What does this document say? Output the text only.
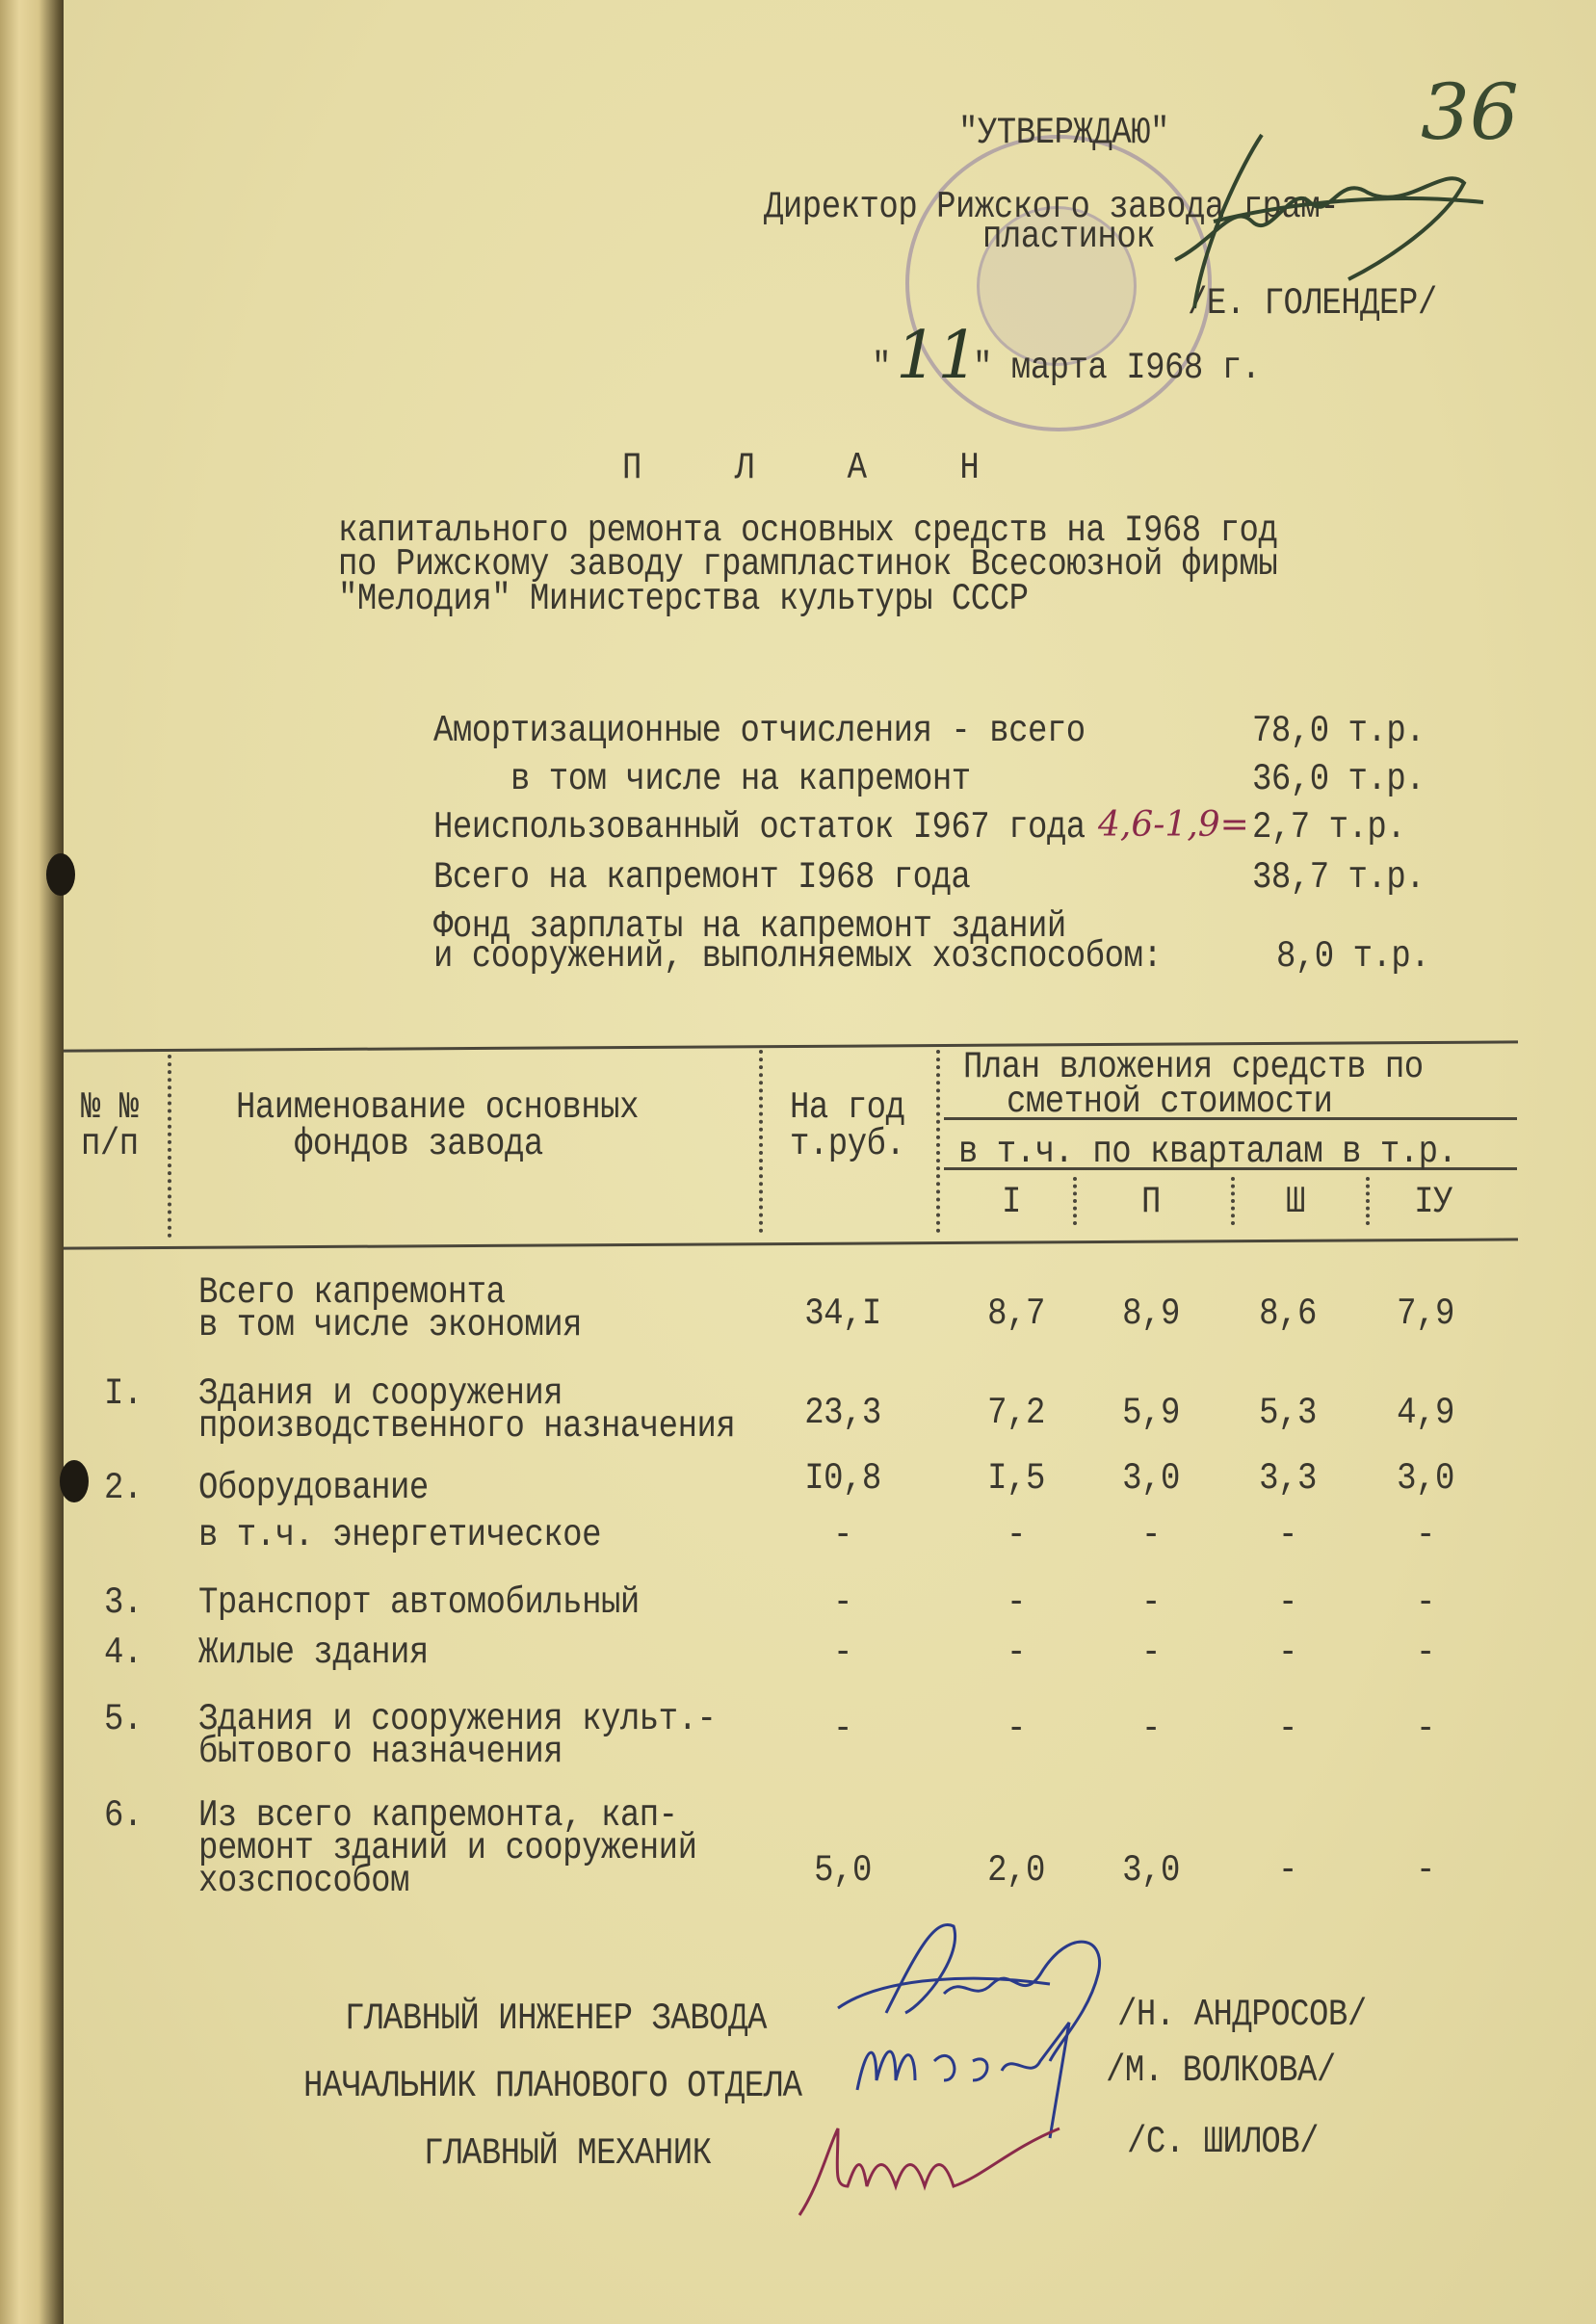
36
"УТВЕРЖДАЮ"
Директор Рижского завода грам-
пластинок
/Е. ГОЛЕНДЕР/
" 11
" марта I968 г.
П Л А Н
капитального ремонта основных средств на I968 год
по Рижскому заводу грампластинок Всесоюзной фирмы
"Мелодия" Министерства культуры СССР
Амортизационные отчисления - всего	78,0 т.р.
в том числе на капремонт	36,0 т.р.
Неиспользованный остаток I967 года 4,6-1,9= 2,7 т.р.
Всего на капремонт I968 года	38,7 т.р.
Фонд зарплаты на капремонт зданий
и сооружений, выполняемых хозспособом:	8,0 т.р.
№ №
п/п
Наименование основных
фондов завода
На год
т.руб.
План вложения средств по
сметной стоимости
в т.ч. по кварталам в т.р.
I	П	Ш	IУ
Всего капремонта
в том числе экономия	34,I	8,7	8,9	8,6	7,9
I. Здания и сооружения
производственного назначения	23,3	7,2	5,9	5,3	4,9
2. Оборудование	I0,8	I,5	3,0	3,3	3,0
в т.ч. энергетическое	-	-	-	-	-
3. Транспорт автомобильный	-	-	-	-	-
4. Жилые здания	-	-	-	-	-
5. Здания и сооружения культ.-
бытового назначения
-	-	-	-	-
6. Из всего капремонта, кап-
ремонт зданий и сооружений
хозспособом	5,0	2,0	3,0	-	-
ГЛАВНЫЙ ИНЖЕНЕР ЗАВОДА	/Н. АНДРОСОВ/
НАЧАЛЬНИК ПЛАНОВОГО ОТДЕЛА	/М. ВОЛКОВА/
ГЛАВНЫЙ МЕХАНИК	/С. ШИЛОВ/
